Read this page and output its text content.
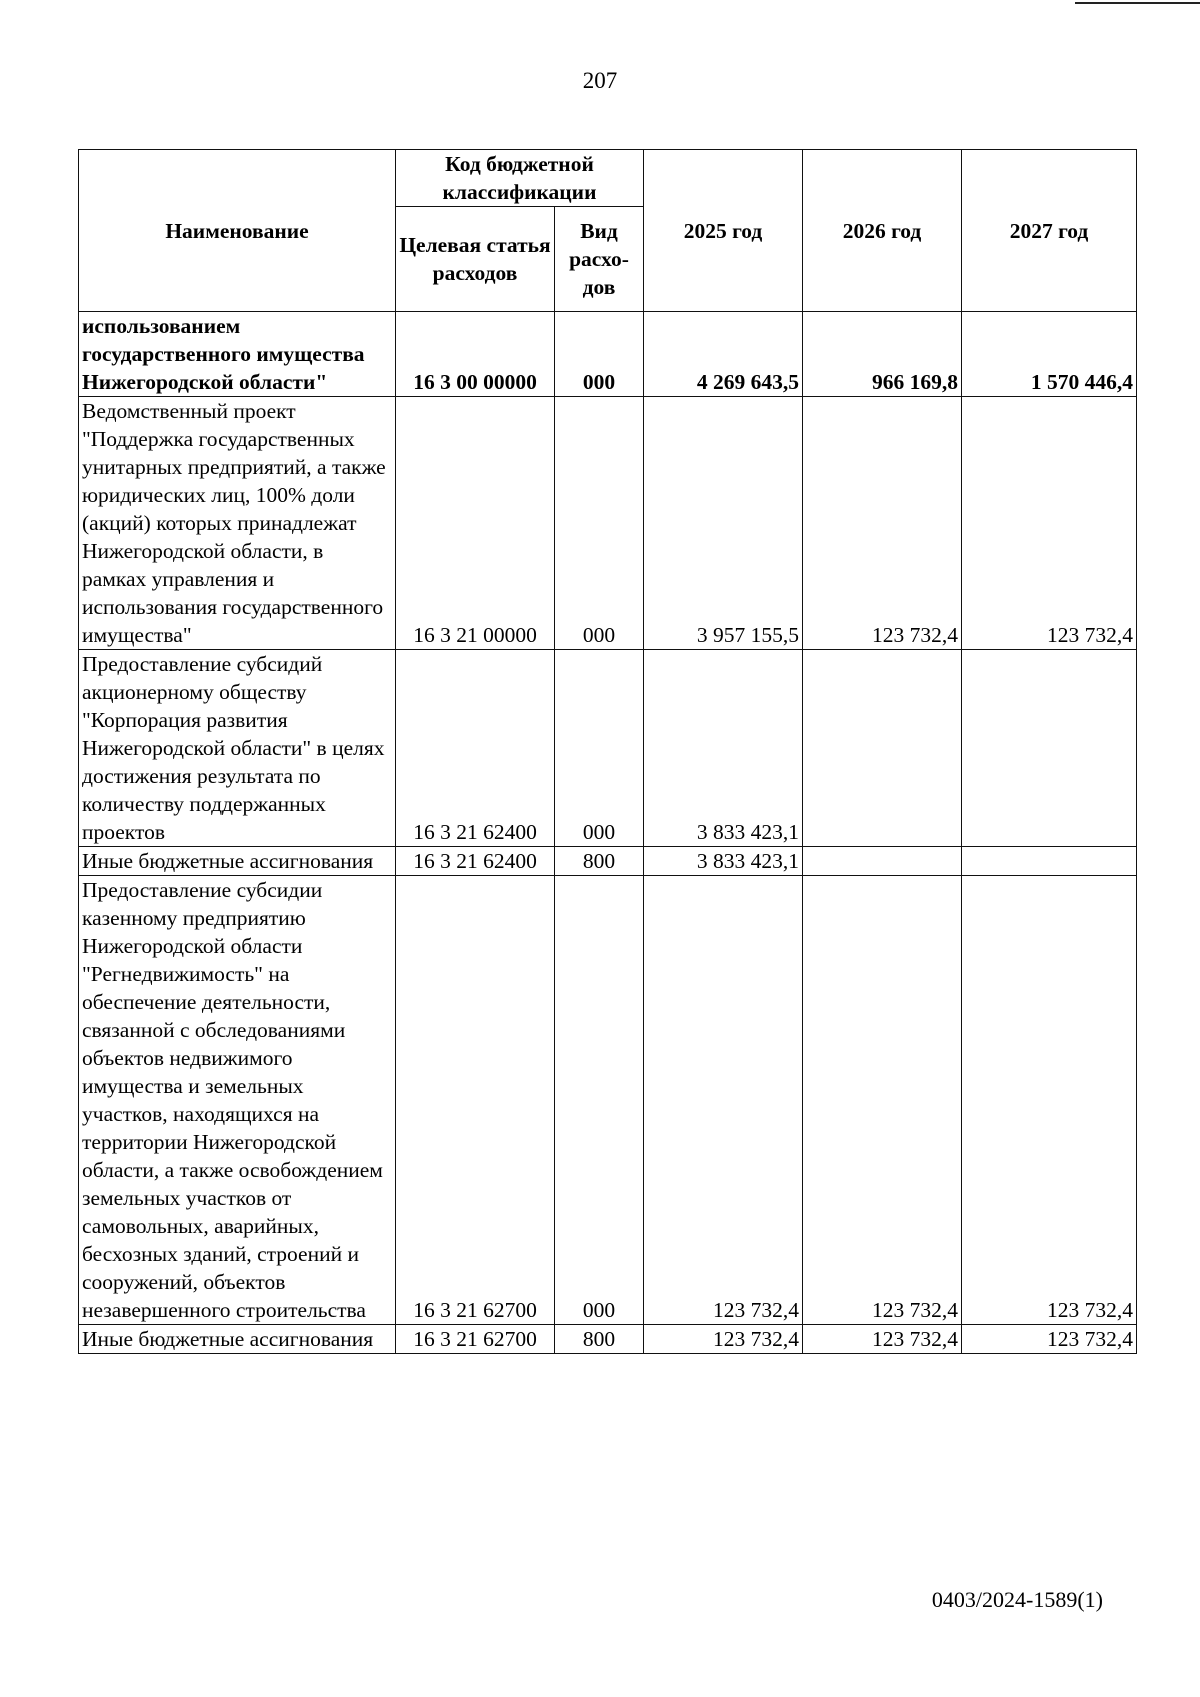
207
Наименование	Код бюджетной классификации		2025 год	2026 год	2027 год
	Целевая статья расходов	Вид расхо-дов			
использованием государственного имущества Нижегородской области"	16 3 00 00000	000	4 269 643,5	966 169,8	1 570 446,4
Ведомственный проект "Поддержка государственных унитарных предприятий, а также юридических лиц, 100% доли (акций) которых принадлежат Нижегородской области, в рамках управления и использования государственного имущества"	16 3 21 00000	000	3 957 155,5	123 732,4	123 732,4
Предоставление субсидий акционерному обществу "Корпорация развития Нижегородской области" в целях достижения результата по количеству поддержанных проектов	16 3 21 62400	000	3 833 423,1		
Иные бюджетные ассигнования	16 3 21 62400	800	3 833 423,1		
Предоставление субсидии казенному предприятию Нижегородской области "Регнедвижимость" на обеспечение деятельности, связанной с обследованиями объектов недвижимого имущества и земельных участков, находящихся на территории Нижегородской области, а также освобождением земельных участков от самовольных, аварийных, бесхозных зданий, строений и сооружений, объектов незавершенного строительства	16 3 21 62700	000	123 732,4	123 732,4	123 732,4
Иные бюджетные ассигнования	16 3 21 62700	800	123 732,4	123 732,4	123 732,4
0403/2024-1589(1)
